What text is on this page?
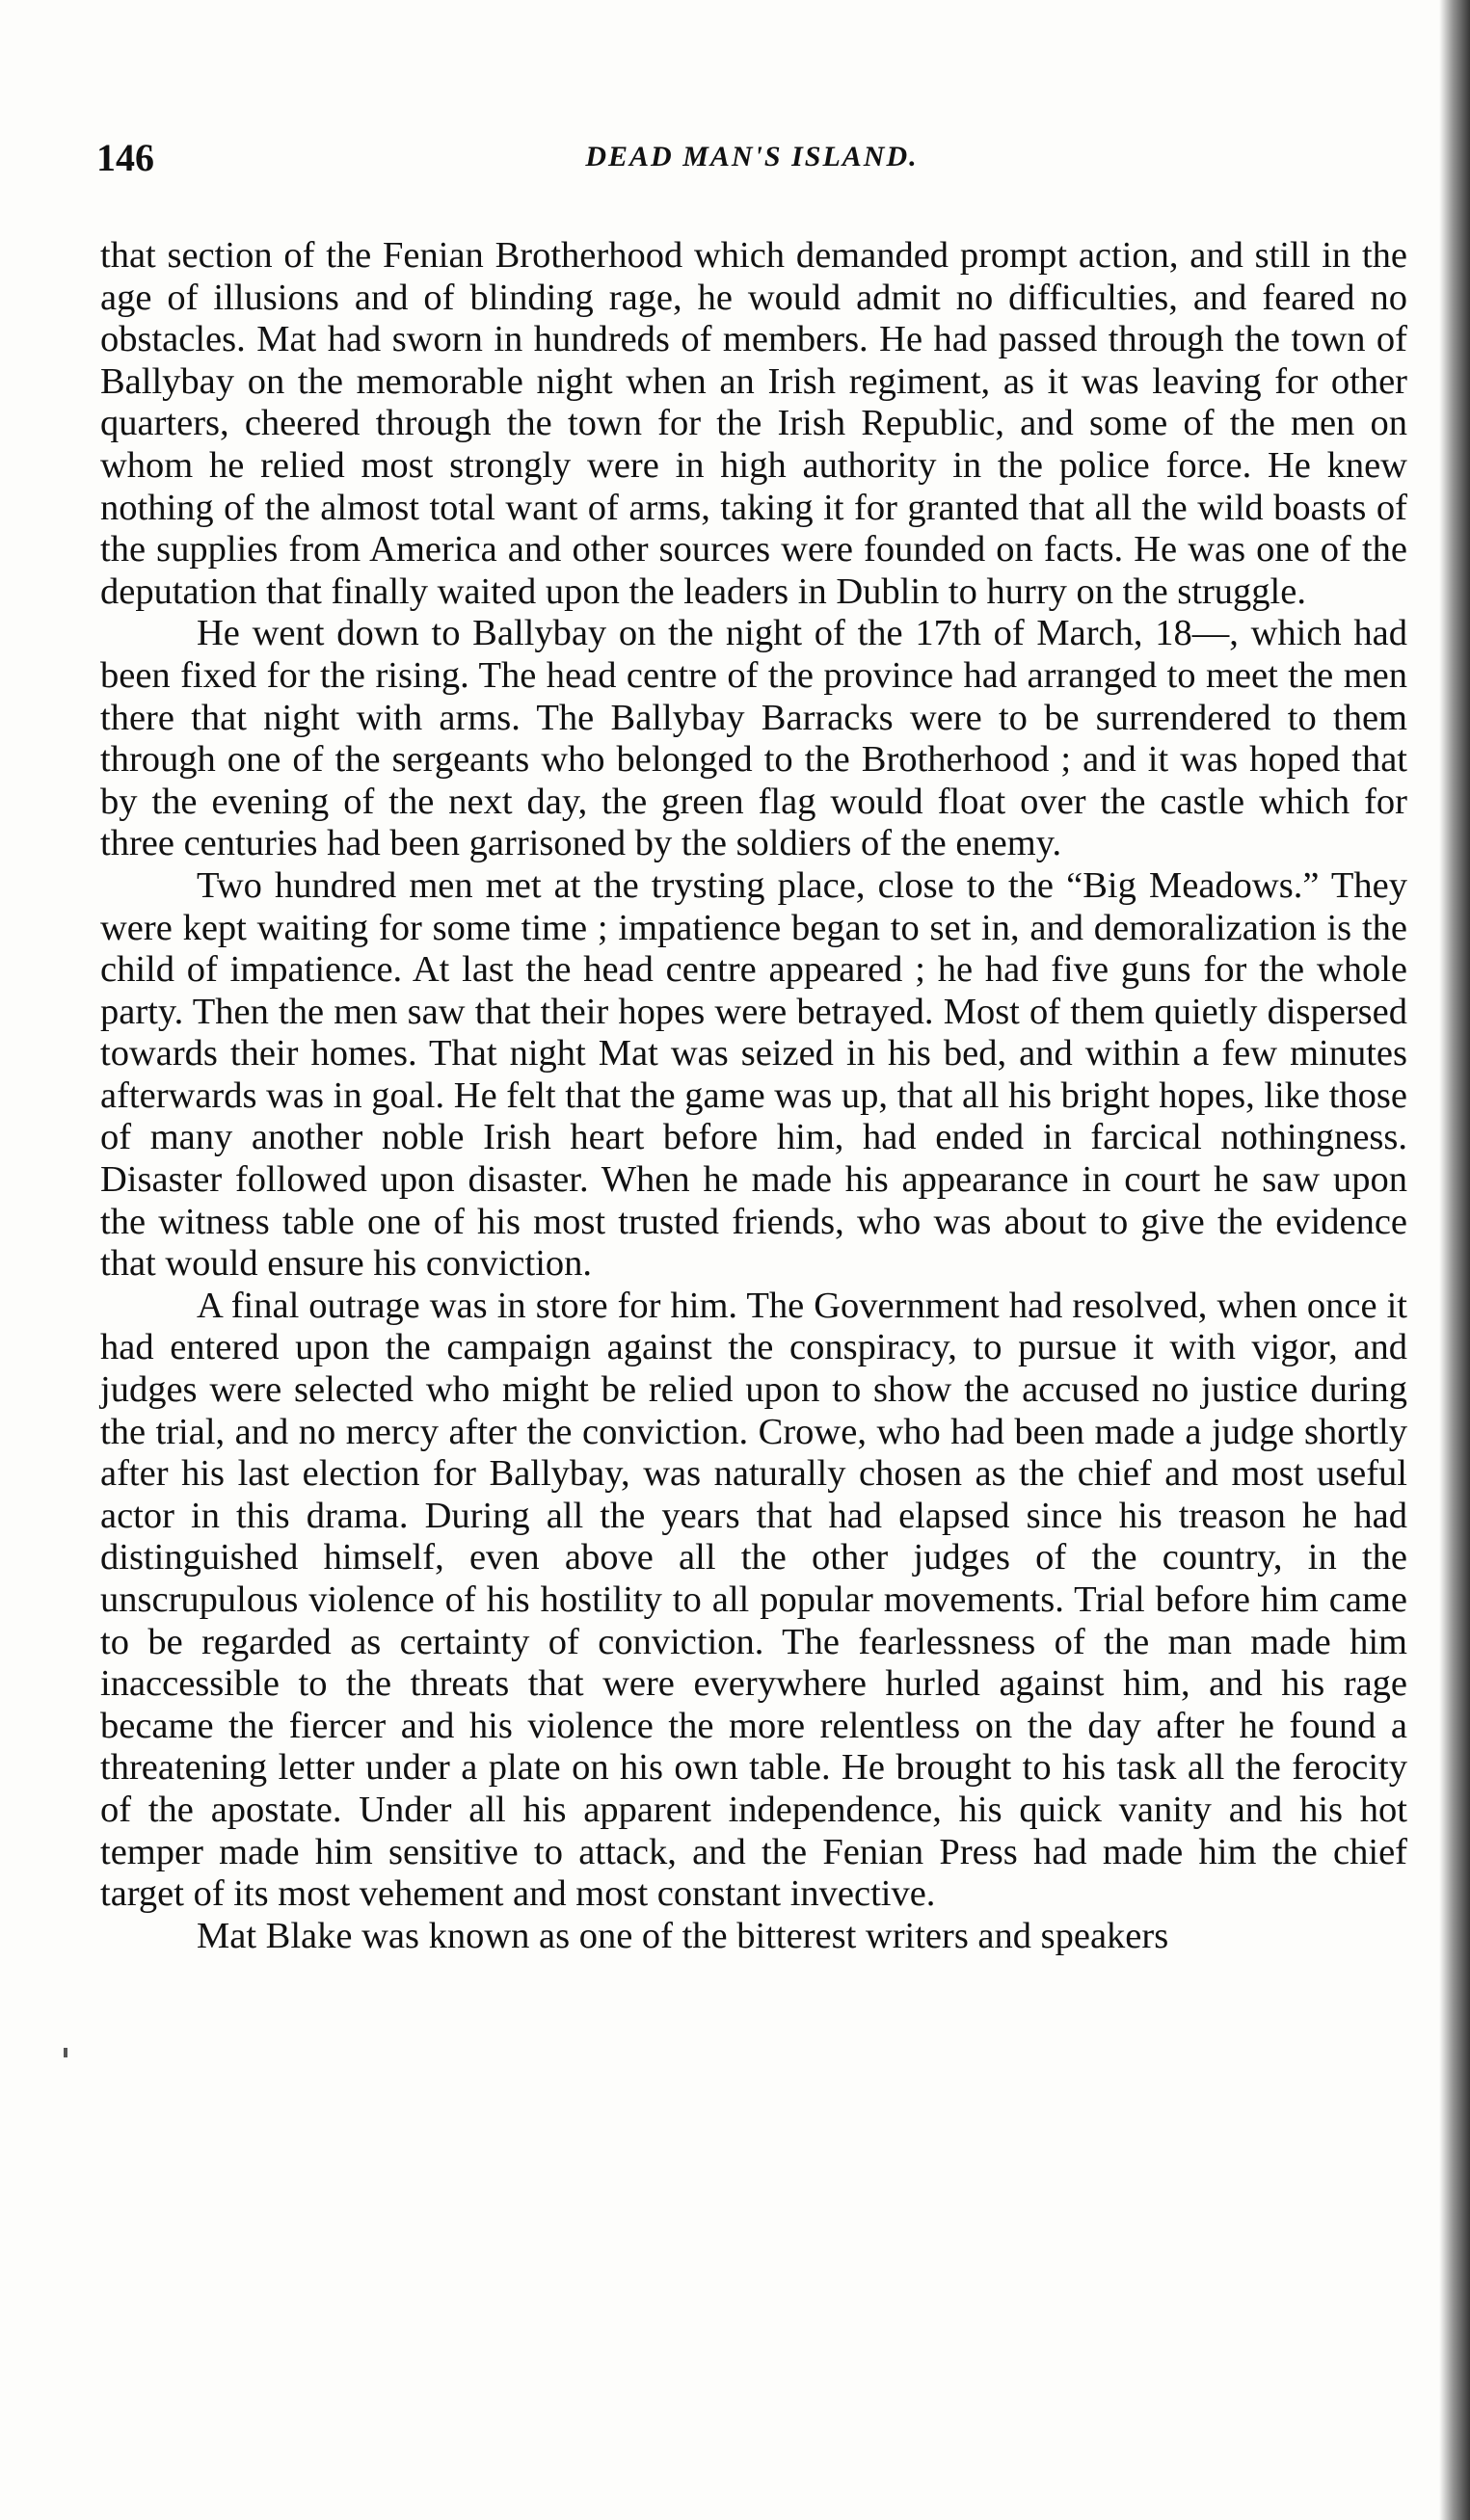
146	DEAD MAN'S ISLAND.

that section of the Fenian Brotherhood which demanded prompt action, and still in the age of illusions and of blinding rage, he would admit no difficulties, and feared no obstacles. Mat had sworn in hundreds of members. He had passed through the town of Ballybay on the memorable night when an Irish regiment, as it was leaving for other quarters, cheered through the town for the Irish Republic, and some of the men on whom he relied most strongly were in high authority in the police force. He knew nothing of the almost total want of arms, taking it for granted that all the wild boasts of the supplies from America and other sources were founded on facts. He was one of the deputation that finally waited upon the leaders in Dublin to hurry on the struggle.

He went down to Ballybay on the night of the 17th of March, 18—, which had been fixed for the rising. The head centre of the province had arranged to meet the men there that night with arms. The Ballybay Barracks were to be surrendered to them through one of the sergeants who belonged to the Brotherhood ; and it was hoped that by the evening of the next day, the green flag would float over the castle which for three centuries had been garrisoned by the soldiers of the enemy.

Two hundred men met at the trysting place, close to the “Big Meadows.” They were kept waiting for some time ; impatience began to set in, and demoralization is the child of impatience. At last the head centre appeared ; he had five guns for the whole party. Then the men saw that their hopes were betrayed. Most of them quietly dispersed towards their homes. That night Mat was seized in his bed, and within a few minutes afterwards was in goal. He felt that the game was up, that all his bright hopes, like those of many another noble Irish heart before him, had ended in farcical nothingness. Disaster followed upon disaster. When he made his appearance in court he saw upon the witness table one of his most trusted friends, who was about to give the evidence that would ensure his conviction.

A final outrage was in store for him. The Government had resolved, when once it had entered upon the campaign against the conspiracy, to pursue it with vigor, and judges were selected who might be relied upon to show the accused no justice during the trial, and no mercy after the conviction. Crowe, who had been made a judge shortly after his last election for Ballybay, was naturally chosen as the chief and most useful actor in this drama. During all the years that had elapsed since his treason he had distinguished himself, even above all the other judges of the country, in the unscrupulous violence of his hostility to all popular movements. Trial before him came to be regarded as certainty of conviction. The fearlessness of the man made him inaccessible to the threats that were everywhere hurled against him, and his rage became the fiercer and his violence the more relentless on the day after he found a threatening letter under a plate on his own table. He brought to his task all the ferocity of the apostate. Under all his apparent independence, his quick vanity and his hot temper made him sensitive to attack, and the Fenian Press had made him the chief target of its most vehement and most constant invective.

Mat Blake was known as one of the bitterest writers and speakers
